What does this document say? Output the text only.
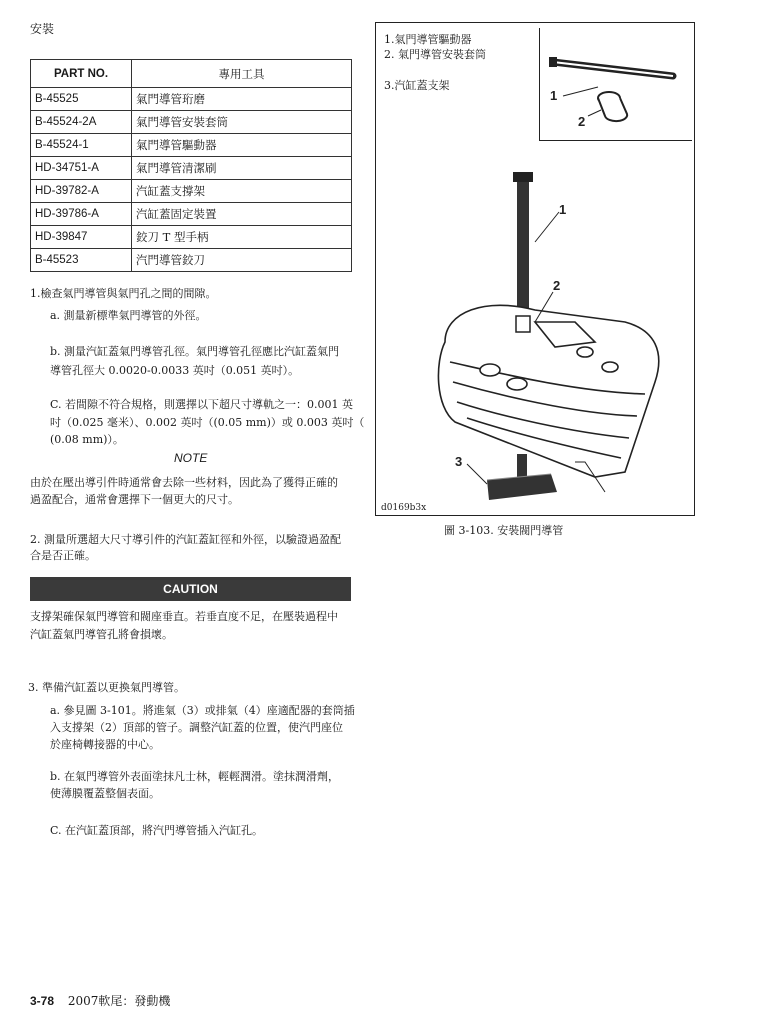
安裝
PART NO.	專用工具
B-45525	氣門導管珩磨
B-45524-2A	氣門導管安裝套筒
B-45524-1	氣門導管驅動器
HD-34751-A	氣門導管清潔刷
HD-39782-A	汽缸蓋支撐架
HD-39786-A	汽缸蓋固定裝置
HD-39847	鉸刀 T 型手柄
B-45523	汽門導管鉸刀
1.檢查氣門導管與氣門孔之間的間隙。
a. 測量新標準氣門導管的外徑。
b. 測量汽缸蓋氣門導管孔徑。氣門導管孔徑應比汽缸蓋氣門
導管孔徑大 0.0020-0.0033 英吋（0.051 英吋）。
C. 若間隙不符合規格，則選擇以下超尺寸導軌之一：0.001 英
吋（0.025 毫米）、0.002 英吋（(0.05 mm)）或 0.003 英吋（
(0.08 mm)）。
NOTE
由於在壓出導引件時通常會去除一些材料，因此為了獲得正確的
過盈配合，通常會選擇下一個更大的尺寸。
2. 測量所選超大尺寸導引件的汽缸蓋缸徑和外徑，以驗證過盈配
合是否正確。
CAUTION
支撐架確保氣門導管和閥座垂直。若垂直度不足，在壓裝過程中
汽缸蓋氣門導管孔將會損壞。
3. 準備汽缸蓋以更換氣門導管。
a. 參見圖 3-101。將進氣（3）或排氣（4）座適配器的套筒插
入支撐架（2）頂部的管子。調整汽缸蓋的位置，使汽門座位
於座椅轉接器的中心。
b. 在氣門導管外表面塗抹凡士林，輕輕潤滑。塗抹潤滑劑，
使薄膜覆蓋整個表面。
C. 在汽缸蓋頂部，將汽門導管插入汽缸孔。
1.氣門導管驅動器
2. 氣門導管安裝套筒
3.汽缸蓋支架
1
2
1
2
3
d0169b3x
圖 3-103. 安裝閥門導管
3-78 2007軟尾：發動機
